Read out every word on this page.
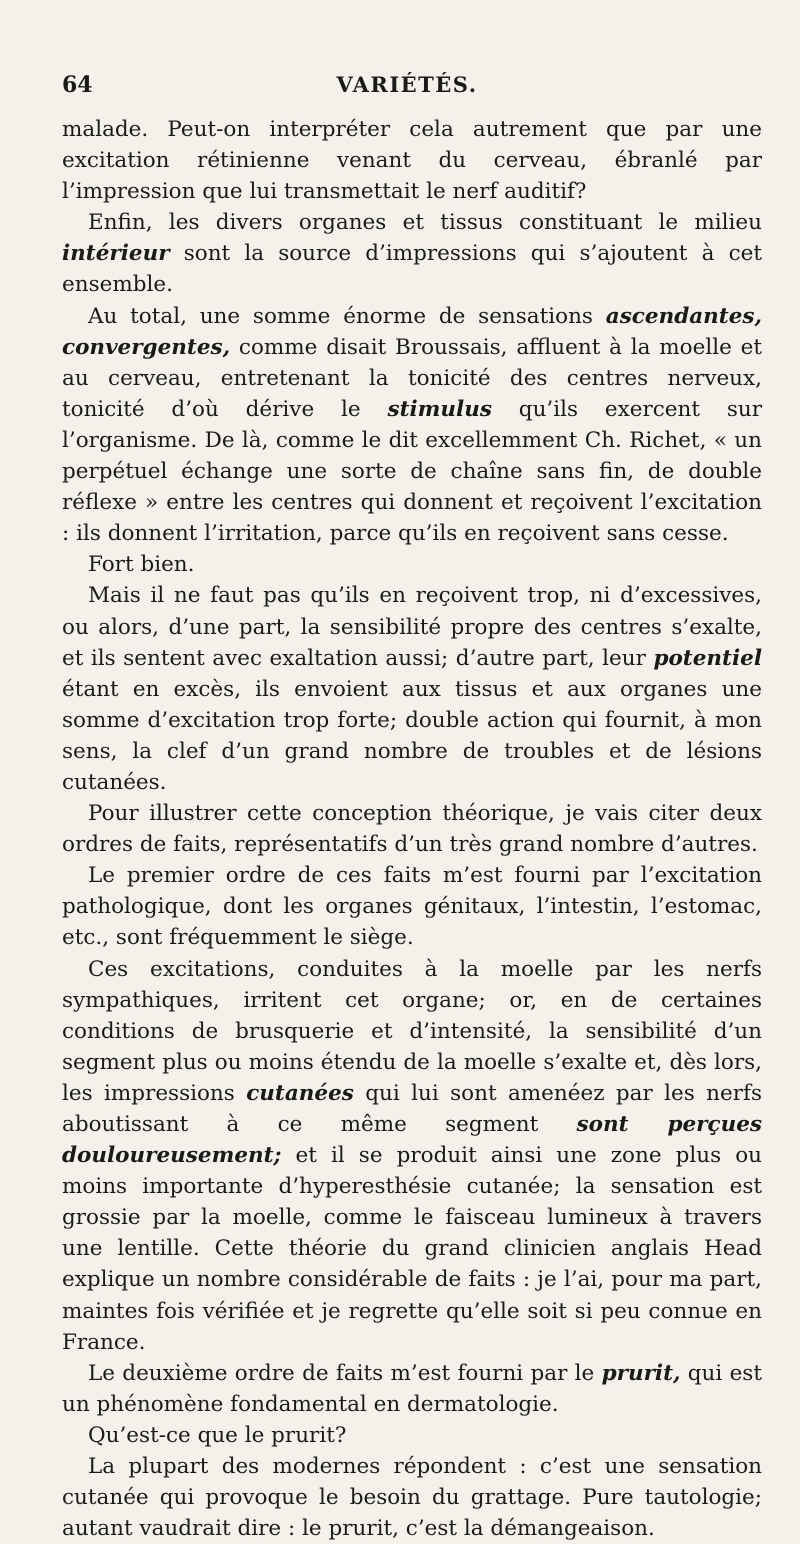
64	VARIÉTÉS.

malade. Peut-on interpréter cela autrement que par une excitation rétinienne venant du cerveau, ébranlé par l’impression que lui transmettait le nerf auditif?

Enfin, les divers organes et tissus constituant le milieu intérieur sont la source d’impressions qui s’ajoutent à cet ensemble.

Au total, une somme énorme de sensations ascendantes, convergentes, comme disait Broussais, affluent à la moelle et au cerveau, entretenant la tonicité des centres nerveux, tonicité d’où dérive le stimulus qu’ils exercent sur l’organisme. De là, comme le dit excellemment Ch. Richet, « un perpétuel échange une sorte de chaîne sans fin, de double réflexe » entre les centres qui donnent et reçoivent l’excitation : ils donnent l’irritation, parce qu’ils en reçoivent sans cesse.

Fort bien.

Mais il ne faut pas qu’ils en reçoivent trop, ni d’excessives, ou alors, d’une part, la sensibilité propre des centres s’exalte, et ils sentent avec exaltation aussi; d’autre part, leur potentiel étant en excès, ils envoient aux tissus et aux organes une somme d’excitation trop forte; double action qui fournit, à mon sens, la clef d’un grand nombre de troubles et de lésions cutanées.

Pour illustrer cette conception théorique, je vais citer deux ordres de faits, représentatifs d’un très grand nombre d’autres.

Le premier ordre de ces faits m’est fourni par l’excitation pathologique, dont les organes génitaux, l’intestin, l’estomac, etc., sont fréquemment le siège.

Ces excitations, conduites à la moelle par les nerfs sympathiques, irritent cet organe; or, en de certaines conditions de brusquerie et d’intensité, la sensibilité d’un segment plus ou moins étendu de la moelle s’exalte et, dès lors, les impressions cutanées qui lui sont amenéez par les nerfs aboutissant à ce même segment sont perçues douloureusement; et il se produit ainsi une zone plus ou moins importante d’hyperesthésie cutanée; la sensation est grossie par la moelle, comme le faisceau lumineux à travers une lentille. Cette théorie du grand clinicien anglais Head explique un nombre considérable de faits : je l’ai, pour ma part, maintes fois vérifiée et je regrette qu’elle soit si peu connue en France.

Le deuxième ordre de faits m’est fourni par le prurit, qui est un phénomène fondamental en dermatologie.

Qu’est-ce que le prurit?

La plupart des modernes répondent : c’est une sensation cutanée qui provoque le besoin du grattage. Pure tautologie; autant vaudrait dire : le prurit, c’est la démangeaison.
